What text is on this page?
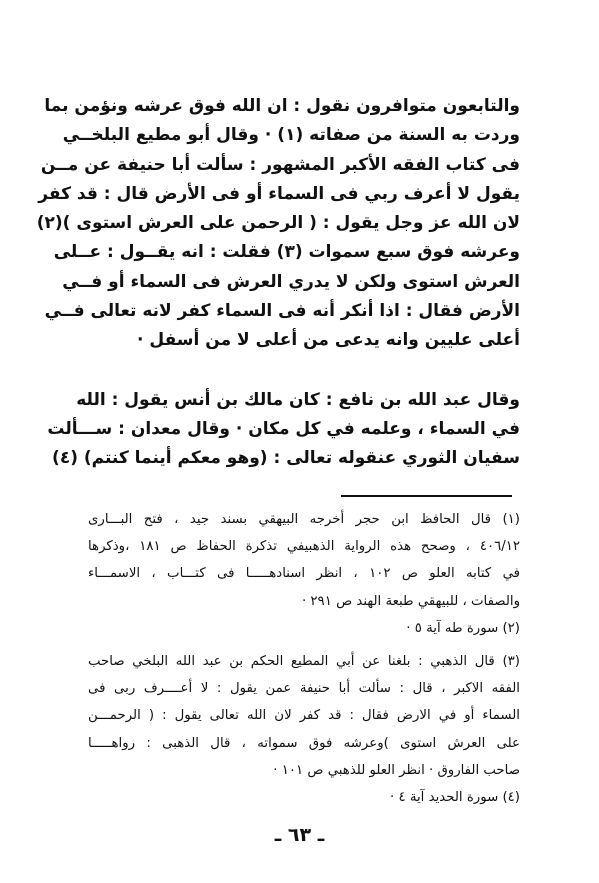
والتابعون متوافرون نقول : ان الله فوق عرشه ونؤمن بما
وردت به السنة من صفاته (١) · وقال أبو مطيع البلخــي
فى كتاب الفقه الأكبر المشهور : سألت أبا حنيفة عن مــن
يقول لا أعرف ربي فى السماء أو فى الأرض قال : قد كفر
لان الله عز وجل يقول : ( الرحمن على العرش استوى )(٢)
وعرشه فوق سبع سموات (٣) فقلت : انه يقــول : عــلى
العرش استوى ولكن لا يدري العرش فى السماء أو فــي
الأرض فقال : اذا أنكر أنه فى السماء كفر لانه تعالى فــي
أعلى عليين وانه يدعى من أعلى لا من أسفل ·
وقال عبد الله بن نافع : كان مالك بن أنس يقول : الله
في السماء ، وعلمه في كل مكان · وقال معدان : ســـألت
سفيان الثوري عنقوله تعالى : (وهو معكم أينما كنتم) (٤)
(١) قال الحافظ ابن حجر أخرجه البيهقي بسند جيد ، فتح البـــارى
٤٠٦/١٢ ، وصحح هذه الرواية الذهبيفي تذكرة الحفاظ ص ١٨١ ،وذكرها
في كتابه العلو ص ١٠٢ ، انظر اسنادهـــــا فى كتـــاب ، الاسمـــاء
والصفات ، للبيهقي طبعة الهند ص ٢٩١ ·
(٢) سورة طه آية ٥ ·
(٣) قال الذهبي : بلغنا عن أبي المطيع الحكم بن عبد الله البلخي صاحب
الفقه الاكبر ، قال : سألت أبا حنيفة عمن يقول : لا أعــــرف ربى فى
السماء أو في الارض فقال : قد كفر لان الله تعالى يقول : ( الرحمـــن
على العرش استوى )وعرشه فوق سمواته ، قال الذهبى : رواهـــــا
صاحب الفاروق · انظر العلو للذهبي ص ١٠١ ·
(٤) سورة الحديد آية ٤ ·
ـ ٦٣ ـ
